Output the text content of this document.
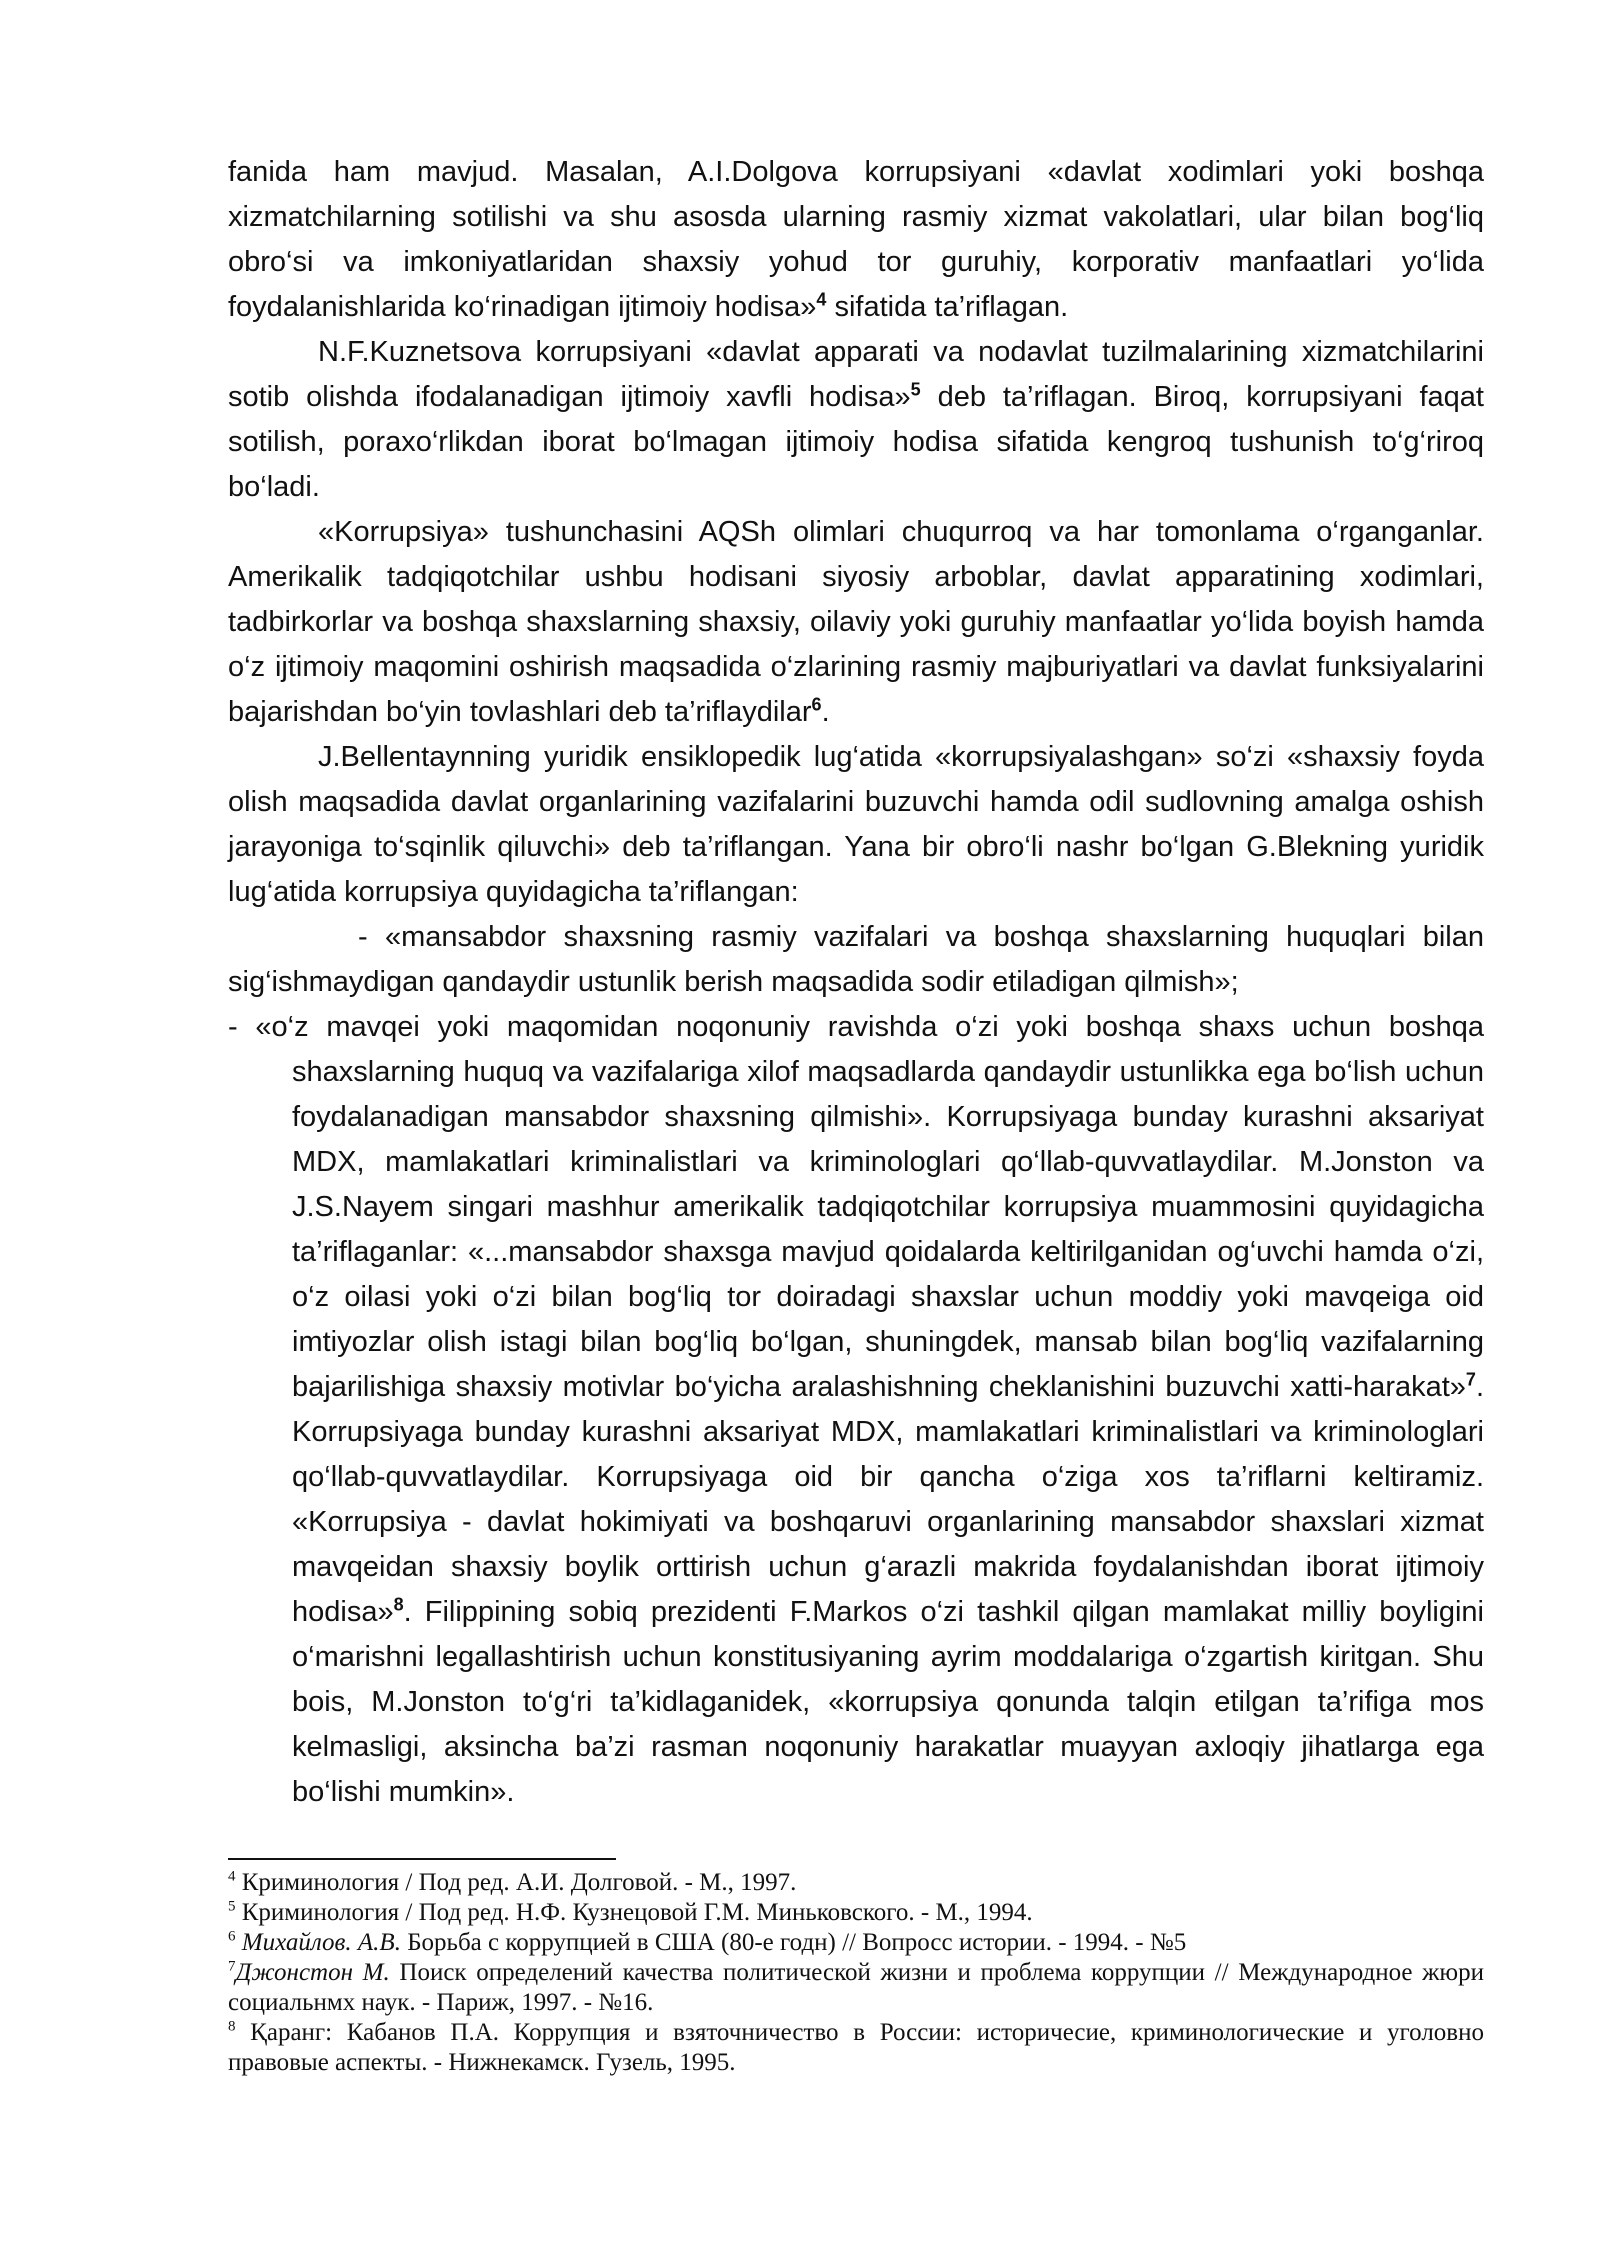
fanida ham mavjud. Masalan, A.I.Dolgova korrupsiyani «davlat xodimlari yoki boshqa xizmatchilarning sotilishi va shu asosda ularning rasmiy xizmat vakolatlari, ular bilan bog‘liq obro‘si va imkoniyatlaridan shaxsiy yohud tor guruhiy, korporativ manfaatlari yo‘lida foydalanishlarida ko‘rinadigan ijtimoiy hodisa»$^4$ sifatida ta’riflagan.

N.F.Kuznetsova korrupsiyani «davlat apparati va nodavlat tuzilmalarining xizmatchilarini sotib olishda ifodalanadigan ijtimoiy xavfli hodisa»$^5$ deb ta’riflagan. Biroq, korrupsiyani faqat sotilish, poraxo‘rlikdan iborat bo‘lmagan ijtimoiy hodisa sifatida kengroq tushunish to‘g‘riroq bo‘ladi.

«Korrupsiya» tushunchasini AQSh olimlari chuqurroq va har tomonlama o‘rganganlar. Amerikalik tadqiqotchilar ushbu hodisani siyosiy arboblar, davlat apparatining xodimlari, tadbirkorlar va boshqa shaxslarning shaxsiy, oilaviy yoki guruhiy manfaatlar yo‘lida boyish hamda o‘z ijtimoiy maqomini oshirish maqsadida o‘zlarining rasmiy majburiyatlari va davlat funksiyalarini bajarishdan bo‘yin tovlashlari deb ta’riflaydilar$^6$.

J.Bellentaynning yuridik ensiklopedik lug‘atida «korrupsiyalashgan» so‘zi «shaxsiy foyda olish maqsadida davlat organlarining vazifalarini buzuvchi hamda odil sudlovning amalga oshish jarayoniga to‘sqinlik qiluvchi» deb ta’riflangan. Yana bir obro‘li nashr bo‘lgan G.Blekning yuridik lug‘atida korrupsiya quyidagicha ta’riflangan:

- «mansabdor shaxsning rasmiy vazifalari va boshqa shaxslarning huquqlari bilan sig‘ishmaydigan qandaydir ustunlik berish maqsadida sodir etiladigan qilmish»;

- «o‘z mavqei yoki maqomidan noqonuniy ravishda o‘zi yoki boshqa shaxs uchun boshqa shaxslarning huquq va vazifalariga xilof maqsadlarda qandaydir ustunlikka ega bo‘lish uchun foydalanadigan mansabdor shaxsning qilmishi». Korrupsiyaga bunday kurashni aksariyat MDX, mamlakatlari kriminalistlari va kriminologlari qo‘llab-quvvatlaydilar. M.Jonston va J.S.Nayem singari mashhur amerikalik tadqiqotchilar korrupsiya muammosini quyidagicha ta’riflaganlar: «...mansabdor shaxsga mavjud qoidalarda keltirilganidan og‘uvchi hamda o‘zi, o‘z oilasi yoki o‘zi bilan bog‘liq tor doiradagi shaxslar uchun moddiy yoki mavqeiga oid imtiyozlar olish istagi bilan bog‘liq bo‘lgan, shuningdek, mansab bilan bog‘liq vazifalarning bajarilishiga shaxsiy motivlar bo‘yicha aralashishning cheklanishini buzuvchi xatti-harakat»$^7$. Korrupsiyaga bunday kurashni aksariyat MDX, mamlakatlari kriminalistlari va kriminologlari qo‘llab-quvvatlaydilar. Korrupsiyaga oid bir qancha o‘ziga xos ta’riflarni keltiramiz. «Korrupsiya - davlat hokimiyati va boshqaruvi organlarining mansabdor shaxslari xizmat mavqeidan shaxsiy boylik orttirish uchun g‘arazli makrida foydalanishdan iborat ijtimoiy hodisa»$^8$. Filippining sobiq prezidenti F.Markos o‘zi tashkil qilgan mamlakat milliy boyligini o‘marishni legallashtirish uchun konstitusiyaning ayrim moddalariga o‘zgartish kiritgan. Shu bois, M.Jonston to‘g‘ri ta’kidlaganidek, «korrupsiya qonunda talqin etilgan ta’rifiga mos kelmasligi, aksincha ba’zi rasman noqonuniy harakatlar muayyan axloqiy jihatlarga ega bo‘lishi mumkin».

$^4$ Криминология / Под ред. А.И. Долговой. - М., 1997.

$^5$ Криминология / Под ред. Н.Ф. Кузнецовой Г.М. Миньковского. - М., 1994.

$^6$ Михайлов. А.В. Борьба с коррупцией в США (80-е годн) // Вопросс истории. - 1994. - №5

$^7$Джонстон М. Поиск определений качества политической жизни и проблема коррупции // Международное жюри социальнмх наук. - Париж, 1997. - №16.

$^8$ Қаранг: Кабанов П.А. Коррупция и взяточничество в России: историчесие, криминологические и уголовно правовые аспекты. - Нижнекамск. Гузель, 1995.
